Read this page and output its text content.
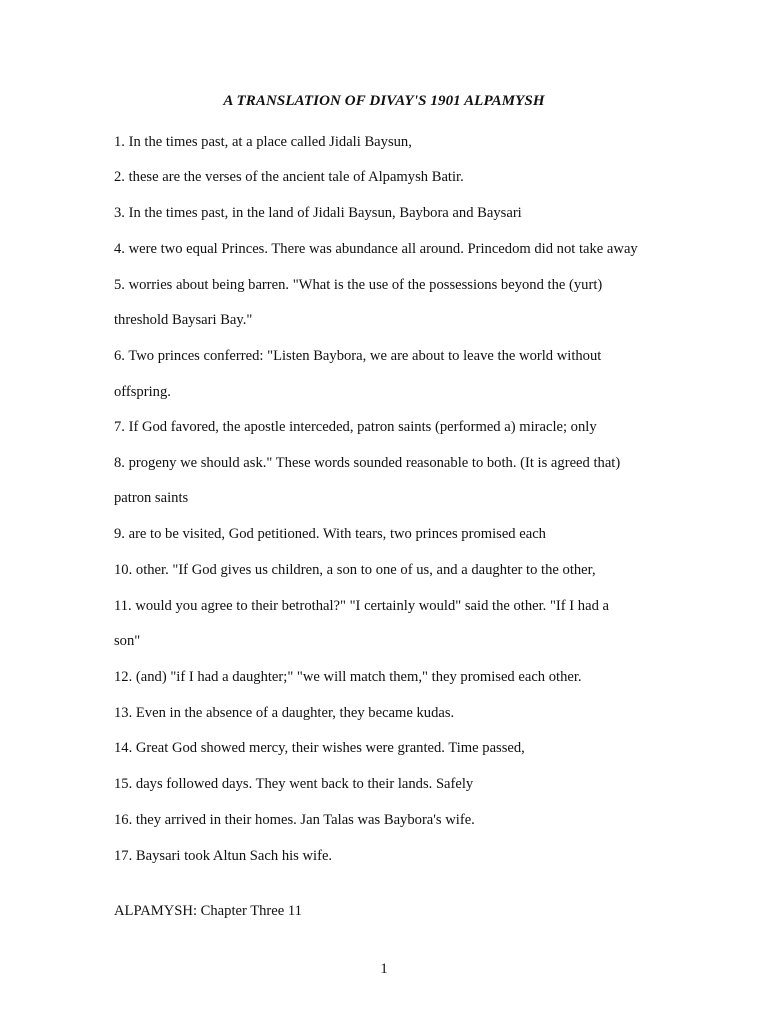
A TRANSLATION OF DIVAY'S 1901 ALPAMYSH
1. In the times past, at a place called Jidali Baysun,
2. these are the verses of the ancient tale of Alpamysh Batir.
3. In the times past, in the land of Jidali Baysun, Baybora and Baysari
4. were two equal Princes. There was abundance all around. Princedom did not take away
5. worries about being barren. "What is the use of the possessions beyond the (yurt)
threshold Baysari Bay."
6. Two princes conferred: "Listen Baybora, we are about to leave the world without
offspring.
7. If God favored, the apostle interceded, patron saints (performed a) miracle; only
8. progeny we should ask." These words sounded reasonable to both. (It is agreed that)
patron saints
9. are to be visited, God petitioned. With tears, two princes promised each
10. other. "If God gives us children, a son to one of us, and a daughter to the other,
11. would you agree to their betrothal?" "I certainly would" said the other. "If I had a
son"
12. (and) "if I had a daughter;" "we will match them," they promised each other.
13. Even in the absence of a daughter, they became kudas.
14. Great God showed mercy, their wishes were granted. Time passed,
15. days followed days. They went back to their lands. Safely
16. they arrived in their homes. Jan Talas was Baybora's wife.
17. Baysari took Altun Sach his wife.
ALPAMYSH: Chapter Three 11
1
